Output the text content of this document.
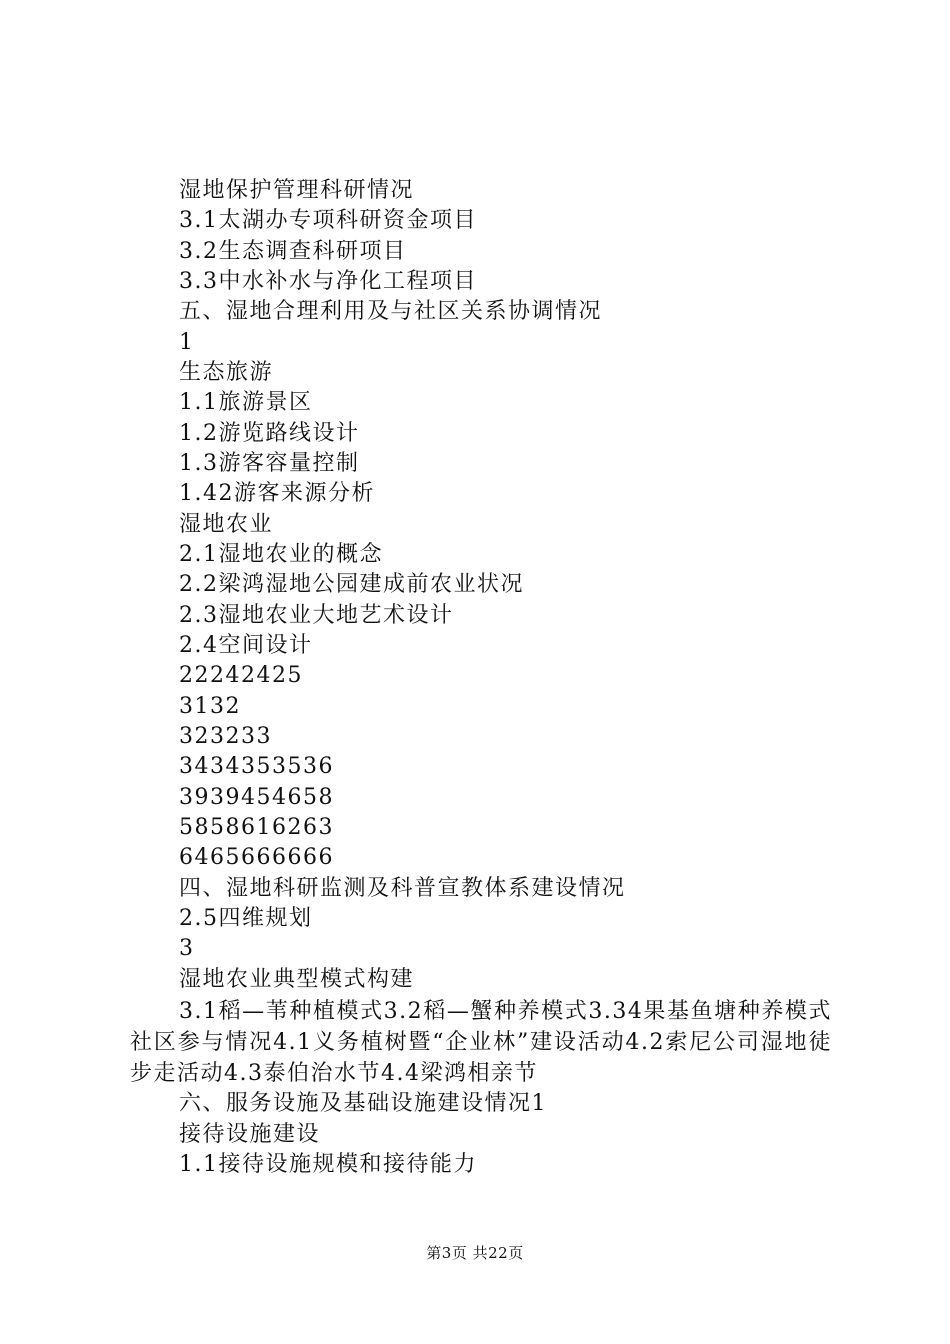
湿地保护管理科研情况
3.1太湖办专项科研资金项目
3.2生态调查科研项目
3.3中水补水与净化工程项目
五、湿地合理利用及与社区关系协调情况
1
生态旅游
1.1旅游景区
1.2游览路线设计
1.3游客容量控制
1.42游客来源分析
湿地农业
2.1湿地农业的概念
2.2梁鸿湿地公园建成前农业状况
2.3湿地农业大地艺术设计
2.4空间设计
22242425
3132
323233
3434353536
3939454658
5858616263
6465666666
四、湿地科研监测及科普宣教体系建设情况
2.5四维规划
3
湿地农业典型模式构建
3.1稻—苇种植模式3.2稻—蟹种养模式3.34果基鱼塘种养模式社区参与情况4.1义务植树暨“企业林”建设活动4.2索尼公司湿地徒步走活动4.3泰伯治水节4.4梁鸿相亲节
六、服务设施及基础设施建设情况1
接待设施建设
1.1接待设施规模和接待能力
第3页 共22页
